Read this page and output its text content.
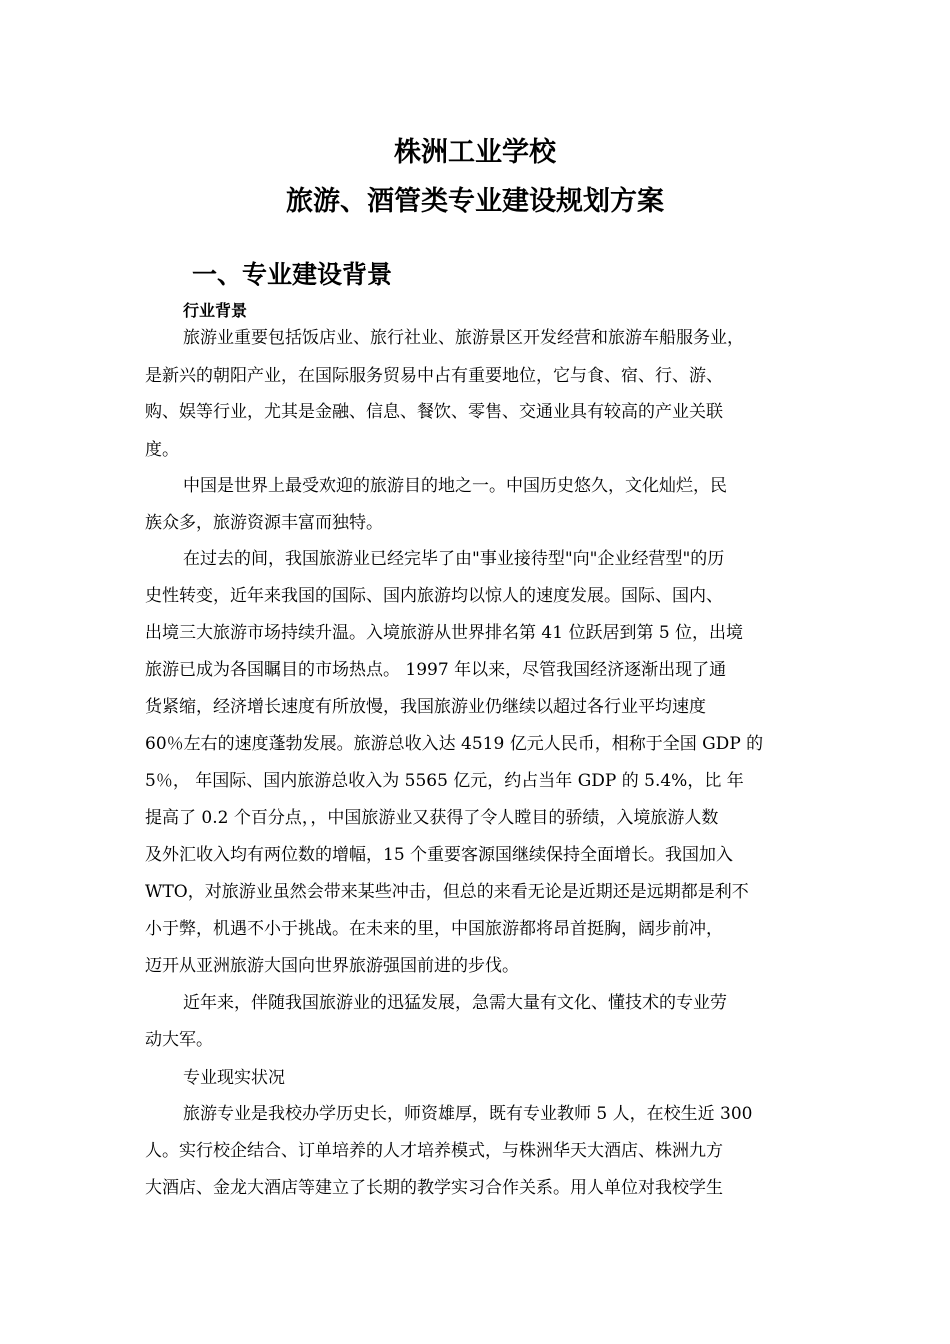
株洲工业学校
旅游、酒管类专业建设规划方案
一、专业建设背景
行业背景
旅游业重要包括饭店业、旅行社业、旅游景区开发经营和旅游车船服务业，
是新兴的朝阳产业，在国际服务贸易中占有重要地位，它与食、宿、行、游、
购、娱等行业，尤其是金融、信息、餐饮、零售、交通业具有较高的产业关联
度。
中国是世界上最受欢迎的旅游目的地之一。中国历史悠久，文化灿烂，民
族众多，旅游资源丰富而独特。
在过去的间，我国旅游业已经完毕了由"事业接待型"向"企业经营型"的历
史性转变，近年来我国的国际、国内旅游均以惊人的速度发展。国际、国内、
出境三大旅游市场持续升温。入境旅游从世界排名第 41 位跃居到第 5 位，出境
旅游已成为各国瞩目的市场热点。 1997 年以来，尽管我国经济逐渐出现了通
货紧缩，经济增长速度有所放慢，我国旅游业仍继续以超过各行业平均速度
60％左右的速度蓬勃发展。旅游总收入达 4519 亿元人民币，相称于全国 GDP 的
5％， 年国际、国内旅游总收入为 5565 亿元，约占当年 GDP 的 5.4%，比 年
提高了 0.2 个百分点，，中国旅游业又获得了令人瞠目的骄绩，入境旅游人数
及外汇收入均有两位数的增幅，15 个重要客源国继续保持全面增长。我国加入
WTO，对旅游业虽然会带来某些冲击，但总的来看无论是近期还是远期都是利不
小于弊，机遇不小于挑战。在未来的里，中国旅游都将昂首挺胸，阔步前冲，
迈开从亚洲旅游大国向世界旅游强国前进的步伐。
近年来，伴随我国旅游业的迅猛发展，急需大量有文化、懂技术的专业劳
动大军。
专业现实状况
旅游专业是我校办学历史长，师资雄厚，既有专业教师 5 人，在校生近 300
人。实行校企结合、订单培养的人才培养模式，与株洲华天大酒店、株洲九方
大酒店、金龙大酒店等建立了长期的教学实习合作关系。用人单位对我校学生
